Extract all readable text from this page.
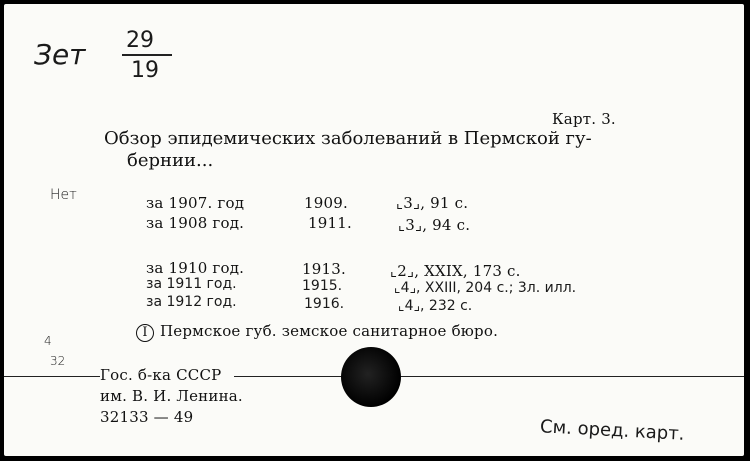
Зет 29
19
Карт. 3.
Обзор эпидемических заболеваний в Пермской гу-
бернии...
Нет	за 1907. год	1909.	⌞3⌟, 91 с.
за 1908 год.	1911.	⌞3⌟, 94 с.
за 1910 год.	1913.	⌞2⌟, XXIX, 173 с.
за 1911 год.	1915.	⌞4⌟, XXIII, 204 с.; 3л. илл.
за 1912 год.	1916.	⌞4⌟, 232 с.
I Пермское губ. земское санитарное бюро.
4
32
Гос. б-ка СССР
им. В. И. Ленина.
32133 — 49	См. оред. карт.
